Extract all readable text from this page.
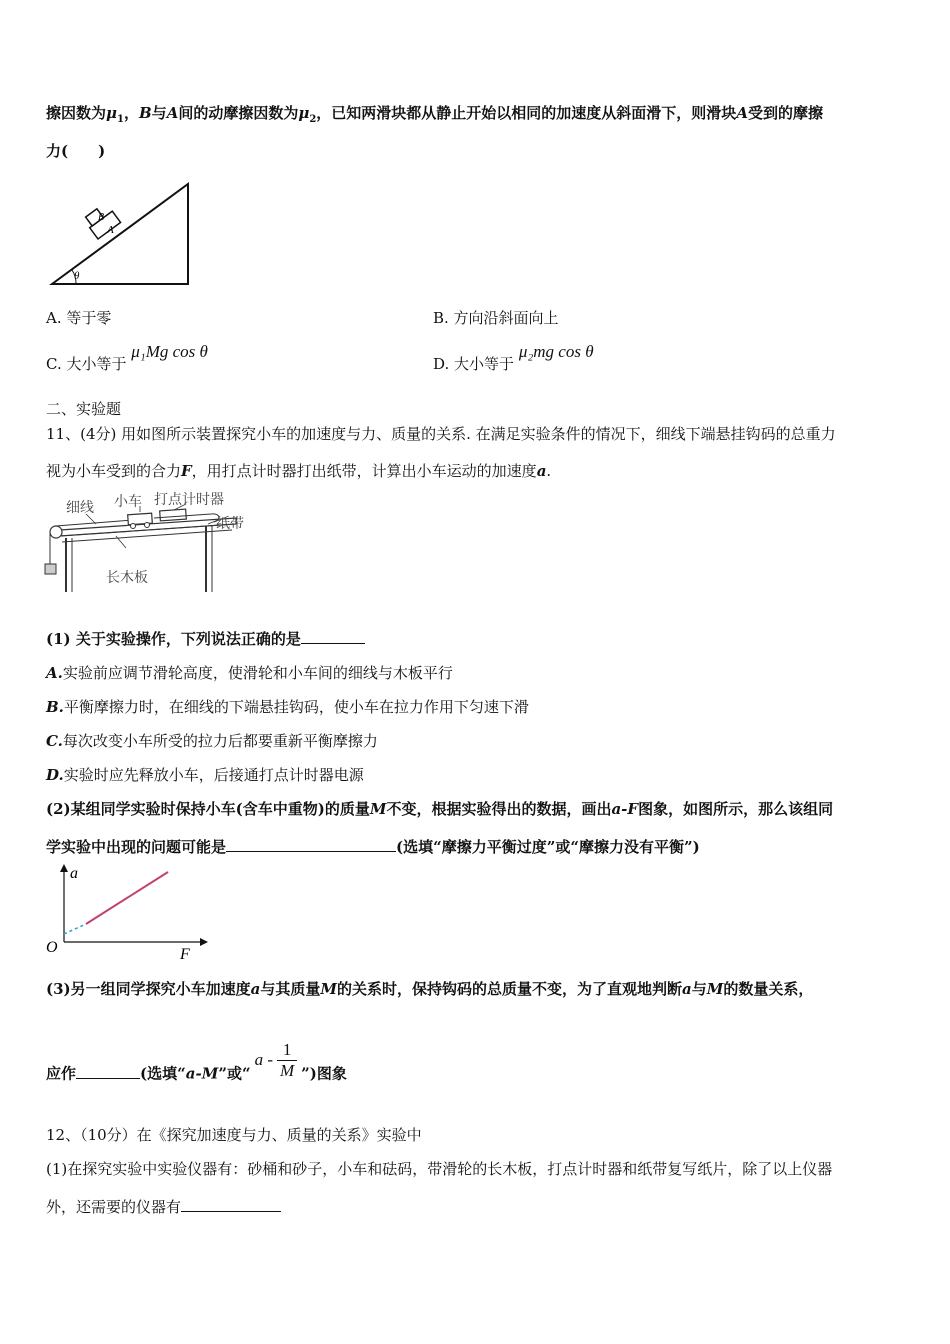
擦因数为$\mu_1$，B与A间的动摩擦因数为$\mu_2$，已知两滑块都从静止开始以相同的加速度从斜面滑下，则滑块A受到的摩擦
力(　　)
θ
A
B
A. 等于零	B. 方向沿斜面向上
C. 大小等于 μ₁Mg cos θ
D. 大小等于 μ₂mg cos θ
二、实验题
11、(4分) 用如图所示装置探究小车的加速度与力、质量的关系. 在满足实验条件的情况下，细线下端悬挂钩码的总重力
视为小车受到的合力F，用打点计时器打出纸带，计算出小车运动的加速度a.
细线 小车 打点计时器
纸带
长木板
(1) 关于实验操作，下列说法正确的是
A.实验前应调节滑轮高度，使滑轮和小车间的细线与木板平行
B.平衡摩擦力时，在细线的下端悬挂钩码，使小车在拉力作用下匀速下滑
C.每次改变小车所受的拉力后都要重新平衡摩擦力
D.实验时应先释放小车，后接通打点计时器电源
(2)某组同学实验时保持小车(含车中重物)的质量M不变，根据实验得出的数据，画出a-F图象，如图所示，那么该组同
学实验中出现的问题可能是	(选填“摩擦力平衡过度”或“摩擦力没有平衡”)
a
F
O
(3)另一组同学探究小车加速度a与其质量M的关系时，保持钩码的总质量不变，为了直观地判断a与M的数量关系，
应作	(选填“a-M”或“a - $\frac{1}{M}$ ”)图象
12、（10分）在《探究加速度与力、质量的关系》实验中
(1)在探究实验中实验仪器有：砂桶和砂子，小车和砝码，带滑轮的长木板，打点计时器和纸带复写纸片，除了以上仪器
外，还需要的仪器有
